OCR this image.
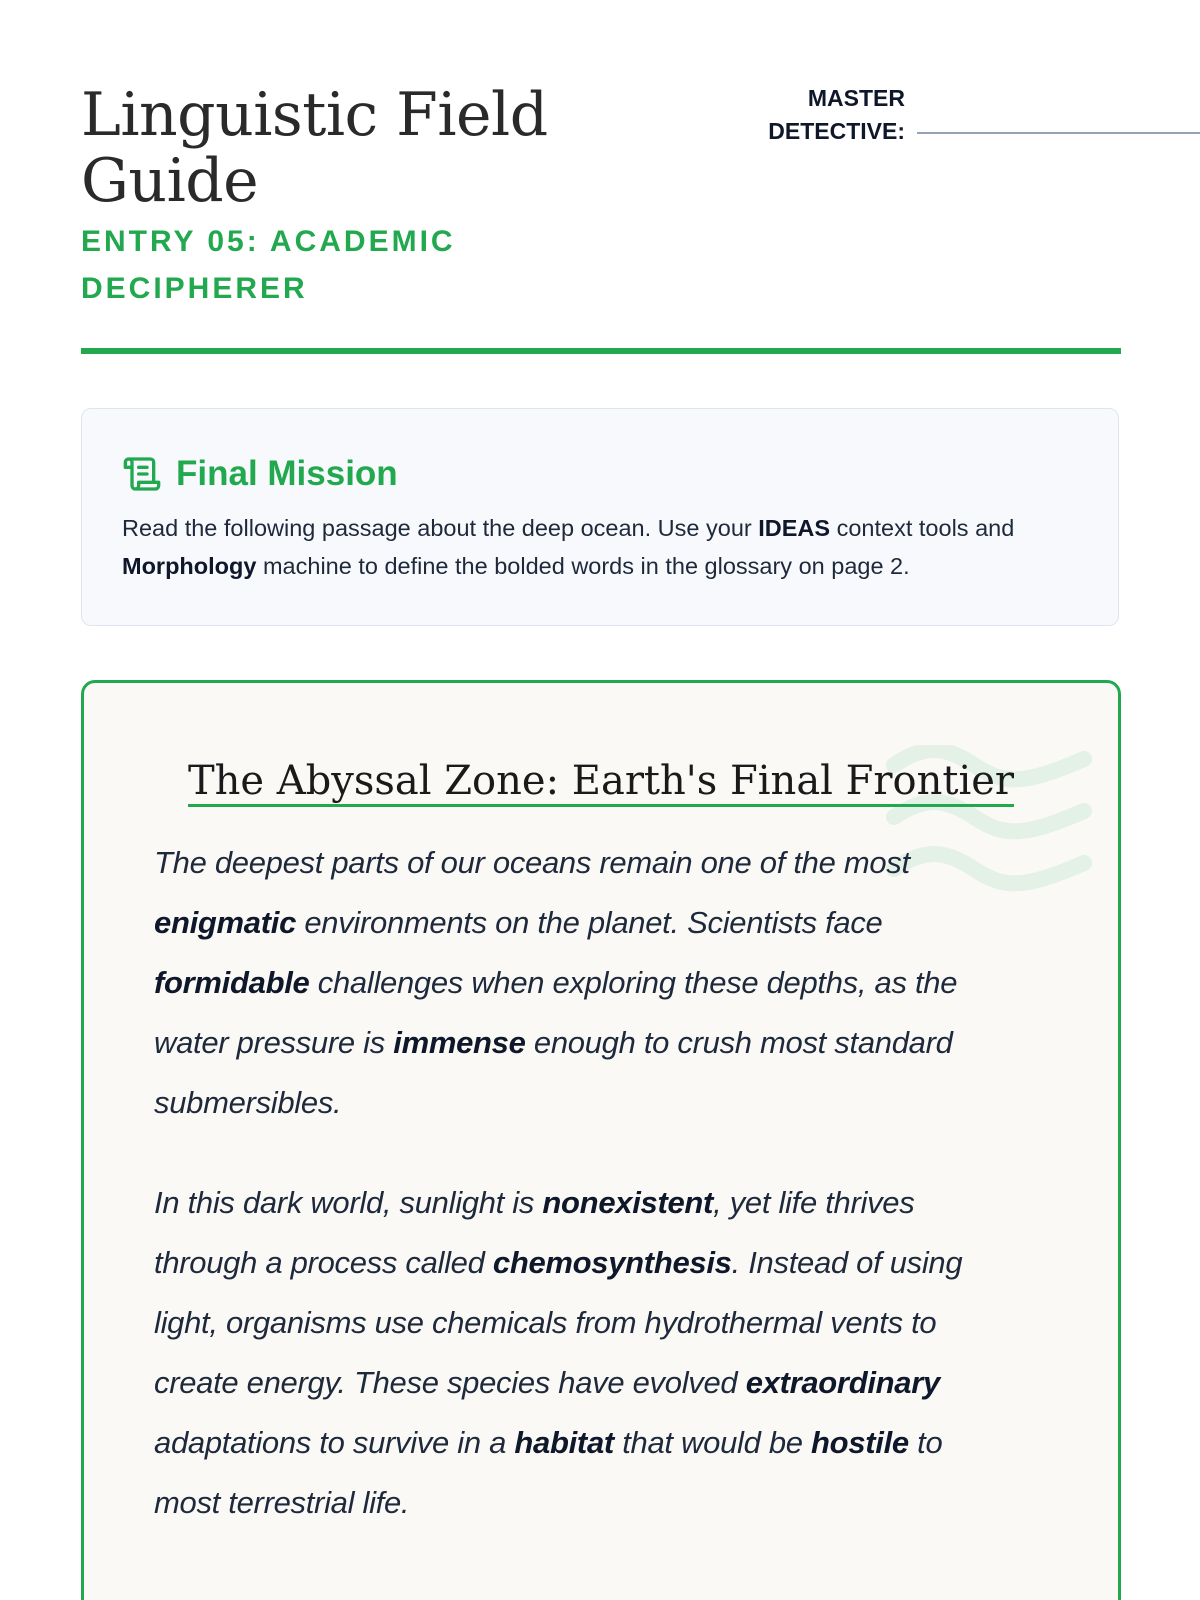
Linguistic Field Guide
ENTRY 05: ACADEMIC DECIPHERER
MASTER DETECTIVE:
Final Mission

Read the following passage about the deep ocean. Use your IDEAS context tools and Morphology machine to define the bolded words in the glossary on page 2.

The Abyssal Zone: Earth's Final Frontier

The deepest parts of our oceans remain one of the most enigmatic environments on the planet. Scientists face formidable challenges when exploring these depths, as the water pressure is immense enough to crush most standard submersibles.

In this dark world, sunlight is nonexistent, yet life thrives through a process called chemosynthesis. Instead of using light, organisms use chemicals from hydrothermal vents to create energy. These species have evolved extraordinary adaptations to survive in a habitat that would be hostile to most terrestrial life.
